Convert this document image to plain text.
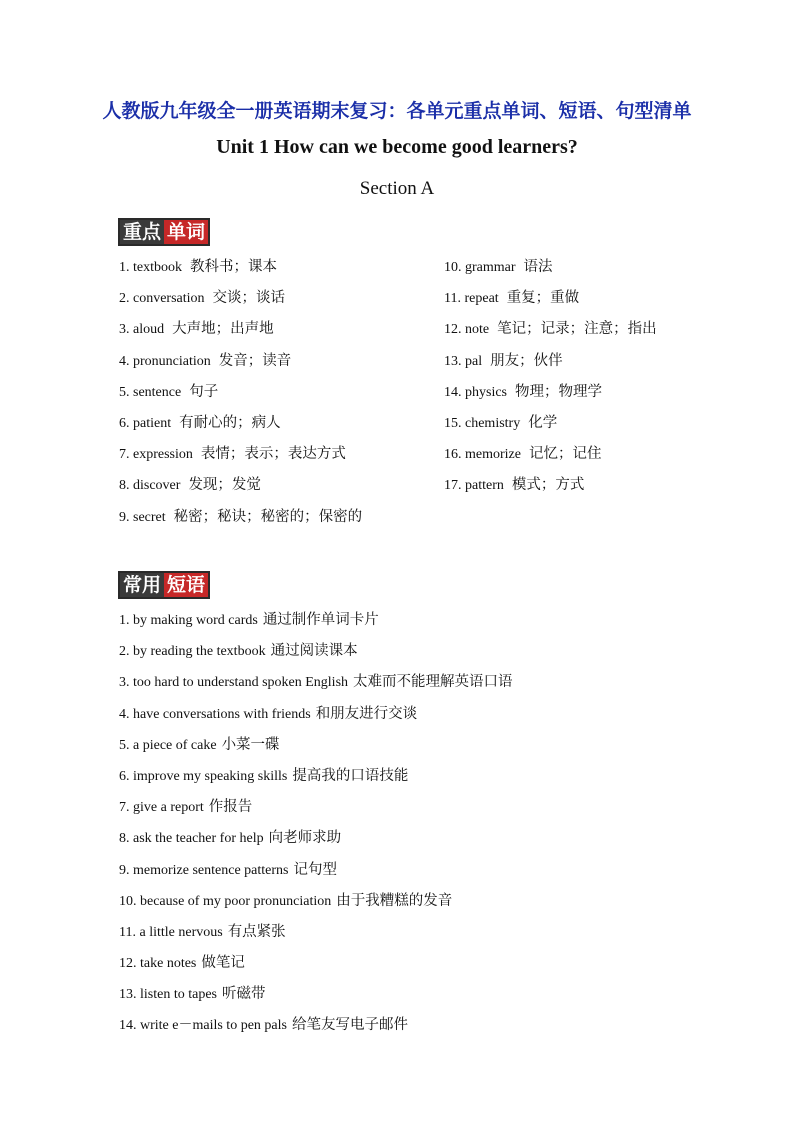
人教版九年级全一册英语期末复习：各单元重点单词、短语、句型清单
Unit 1 How can we become good learners?
Section A
重点 单词
1. textbook 教科书；课本
2. conversation 交谈；谈话
3. aloud 大声地；出声地
4. pronunciation 发音；读音
5. sentence 句子
6. patient 有耐心的；病人
7. expression 表情；表示；表达方式
8. discover 发现；发觉
9. secret 秘密；秘诀；秘密的；保密的
10. grammar 语法
11. repeat 重复；重做
12. note 笔记；记录；注意；指出
13. pal 朋友；伙伴
14. physics 物理；物理学
15. chemistry 化学
16. memorize 记忆；记住
17. pattern 模式；方式
常用 短语
1. by making word cards 通过制作单词卡片
2. by reading the textbook 通过阅读课本
3. too hard to understand spoken English 太难而不能理解英语口语
4. have conversations with friends 和朋友进行交谈
5. a piece of cake 小菜一碟
6. improve my speaking skills 提高我的口语技能
7. give a report 作报告
8. ask the teacher for help 向老师求助
9. memorize sentence patterns 记句型
10. because of my poor pronunciation 由于我糟糕的发音
11. a little nervous 有点紧张
12. take notes 做笔记
13. listen to tapes 听磁带
14. write e－mails to pen pals 给笔友写电子邮件
